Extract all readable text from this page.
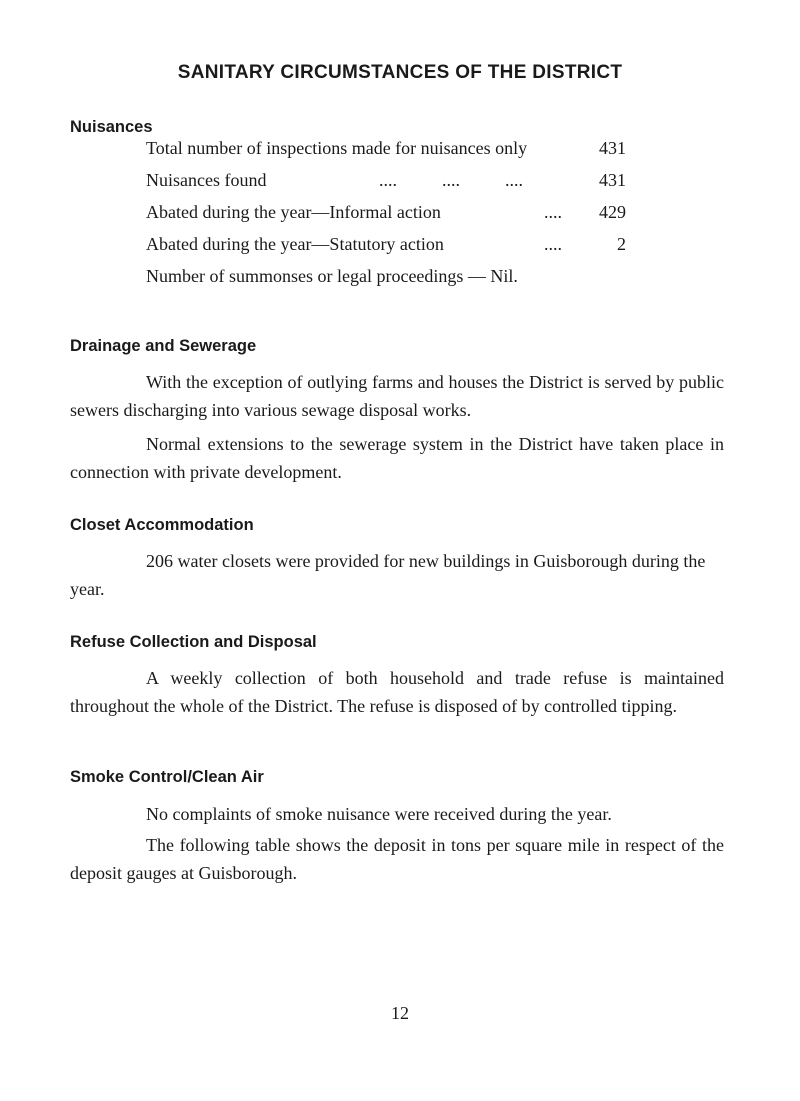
SANITARY CIRCUMSTANCES OF THE DISTRICT
Nuisances
Total number of inspections made for nuisances only	431
Nuisances found	....          ....          ....	431
Abated during the year—Informal action	.... 429
Abated during the year—Statutory action	....	2
Number of summonses or legal proceedings — Nil.
Drainage and Sewerage

With the exception of outlying farms and houses the District is served by public sewers discharging into various sewage disposal works.

Normal extensions to the sewerage system in the District have taken place in connection with private development.

Closet Accommodation

206 water closets were provided for new buildings in Guisborough during the year.

Refuse Collection and Disposal

A weekly collection of both household and trade refuse is maintained throughout the whole of the District. The refuse is disposed of by controlled tipping.

Smoke Control/Clean Air

No complaints of smoke nuisance were received during the year.

The following table shows the deposit in tons per square mile in respect of the deposit gauges at Guisborough.

12
